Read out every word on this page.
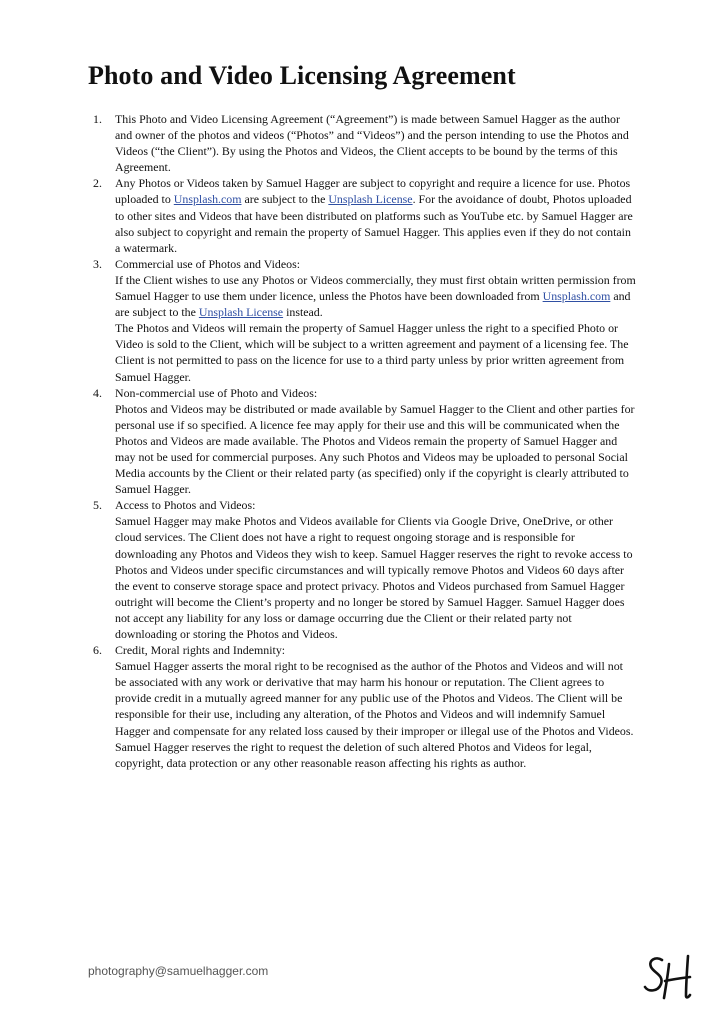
Photo and Video Licensing Agreement
1. This Photo and Video Licensing Agreement (“Agreement”) is made between Samuel Hagger as the author and owner of the photos and videos (“Photos” and “Videos”) and the person intending to use the Photos and Videos (“the Client”). By using the Photos and Videos, the Client accepts to be bound by the terms of this Agreement.
2. Any Photos or Videos taken by Samuel Hagger are subject to copyright and require a licence for use. Photos uploaded to Unsplash.com are subject to the Unsplash License. For the avoidance of doubt, Photos uploaded to other sites and Videos that have been distributed on platforms such as YouTube etc. by Samuel Hagger are also subject to copyright and remain the property of Samuel Hagger. This applies even if they do not contain a watermark.
3. Commercial use of Photos and Videos:
If the Client wishes to use any Photos or Videos commercially, they must first obtain written permission from Samuel Hagger to use them under licence, unless the Photos have been downloaded from Unsplash.com and are subject to the Unsplash License instead.
The Photos and Videos will remain the property of Samuel Hagger unless the right to a specified Photo or Video is sold to the Client, which will be subject to a written agreement and payment of a licensing fee. The Client is not permitted to pass on the licence for use to a third party unless by prior written agreement from Samuel Hagger.
4. Non-commercial use of Photo and Videos:
Photos and Videos may be distributed or made available by Samuel Hagger to the Client and other parties for personal use if so specified. A licence fee may apply for their use and this will be communicated when the Photos and Videos are made available. The Photos and Videos remain the property of Samuel Hagger and may not be used for commercial purposes. Any such Photos and Videos may be uploaded to personal Social Media accounts by the Client or their related party (as specified) only if the copyright is clearly attributed to Samuel Hagger.
5. Access to Photos and Videos:
Samuel Hagger may make Photos and Videos available for Clients via Google Drive, OneDrive, or other cloud services. The Client does not have a right to request ongoing storage and is responsible for downloading any Photos and Videos they wish to keep. Samuel Hagger reserves the right to revoke access to Photos and Videos under specific circumstances and will typically remove Photos and Videos 60 days after the event to conserve storage space and protect privacy. Photos and Videos purchased from Samuel Hagger outright will become the Client’s property and no longer be stored by Samuel Hagger. Samuel Hagger does not accept any liability for any loss or damage occurring due the Client or their related party not downloading or storing the Photos and Videos.
6. Credit, Moral rights and Indemnity:
Samuel Hagger asserts the moral right to be recognised as the author of the Photos and Videos and will not be associated with any work or derivative that may harm his honour or reputation. The Client agrees to provide credit in a mutually agreed manner for any public use of the Photos and Videos. The Client will be responsible for their use, including any alteration, of the Photos and Videos and will indemnify Samuel Hagger and compensate for any related loss caused by their improper or illegal use of the Photos and Videos. Samuel Hagger reserves the right to request the deletion of such altered Photos and Videos for legal, copyright, data protection or any other reasonable reason affecting his rights as author.
photography@samuelhagger.com
